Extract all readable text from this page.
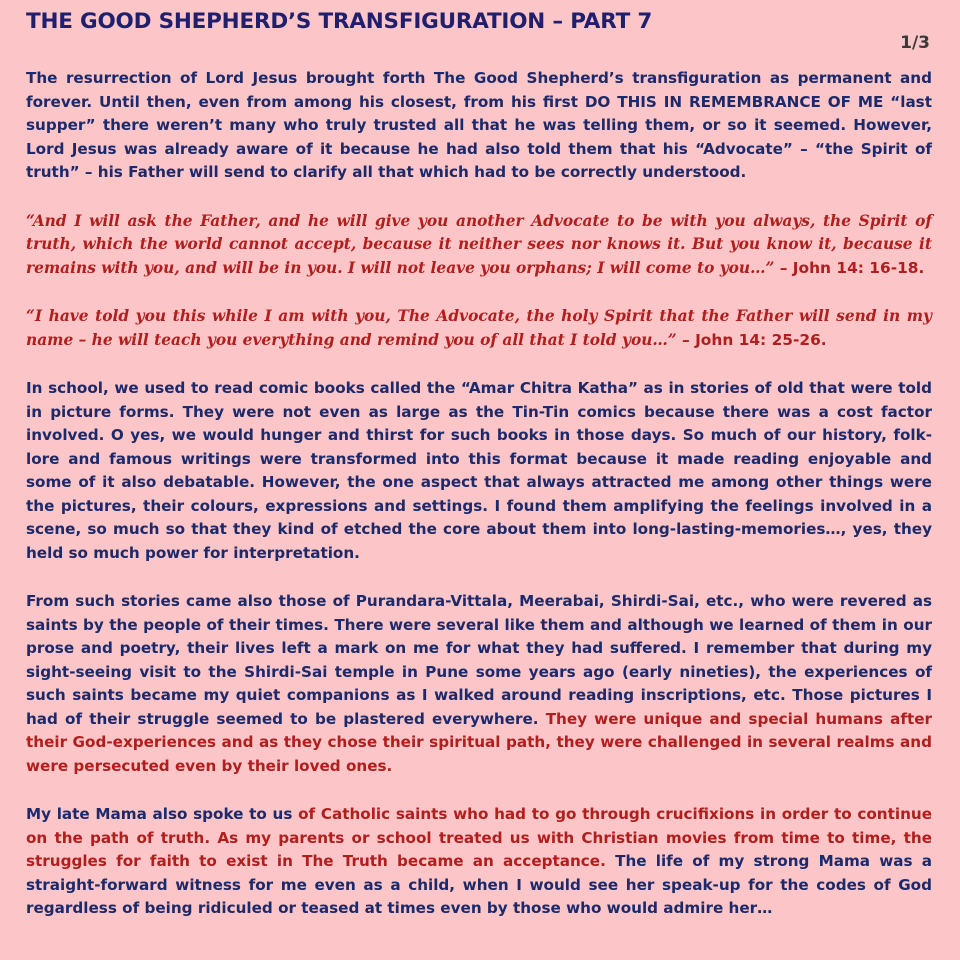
THE GOOD SHEPHERD’S TRANSFIGURATION – PART 7
1/3

The resurrection of Lord Jesus brought forth The Good Shepherd’s transfiguration as permanent and forever. Until then, even from among his closest, from his first DO THIS IN REMEMBRANCE OF ME “last supper” there weren’t many who truly trusted all that he was telling them, or so it seemed. However, Lord Jesus was already aware of it because he had also told them that his “Advocate” – “the Spirit of truth” – his Father will send to clarify all that which had to be correctly understood.

“And I will ask the Father, and he will give you another Advocate to be with you always, the Spirit of truth, which the world cannot accept, because it neither sees nor knows it. But you know it, because it remains with you, and will be in you. I will not leave you orphans; I will come to you…” – John 14: 16-18.

“I have told you this while I am with you, The Advocate, the holy Spirit that the Father will send in my name – he will teach you everything and remind you of all that I told you…” – John 14: 25-26.

In school, we used to read comic books called the “Amar Chitra Katha” as in stories of old that were told in picture forms. They were not even as large as the Tin-Tin comics because there was a cost factor involved. O yes, we would hunger and thirst for such books in those days. So much of our history, folk-lore and famous writings were transformed into this format because it made reading enjoyable and some of it also debatable. However, the one aspect that always attracted me among other things were the pictures, their colours, expressions and settings. I found them amplifying the feelings involved in a scene, so much so that they kind of etched the core about them into long-lasting-memories…, yes, they held so much power for interpretation.

From such stories came also those of Purandara-Vittala, Meerabai, Shirdi-Sai, etc., who were revered as saints by the people of their times. There were several like them and although we learned of them in our prose and poetry, their lives left a mark on me for what they had suffered. I remember that during my sight-seeing visit to the Shirdi-Sai temple in Pune some years ago (early nineties), the experiences of such saints became my quiet companions as I walked around reading inscriptions, etc. Those pictures I had of their struggle seemed to be plastered everywhere. They were unique and special humans after their God-experiences and as they chose their spiritual path, they were challenged in several realms and were persecuted even by their loved ones.

My late Mama also spoke to us of Catholic saints who had to go through crucifixions in order to continue on the path of truth. As my parents or school treated us with Christian movies from time to time, the struggles for faith to exist in The Truth became an acceptance. The life of my strong Mama was a straight-forward witness for me even as a child, when I would see her speak-up for the codes of God regardless of being ridiculed or teased at times even by those who would admire her…
